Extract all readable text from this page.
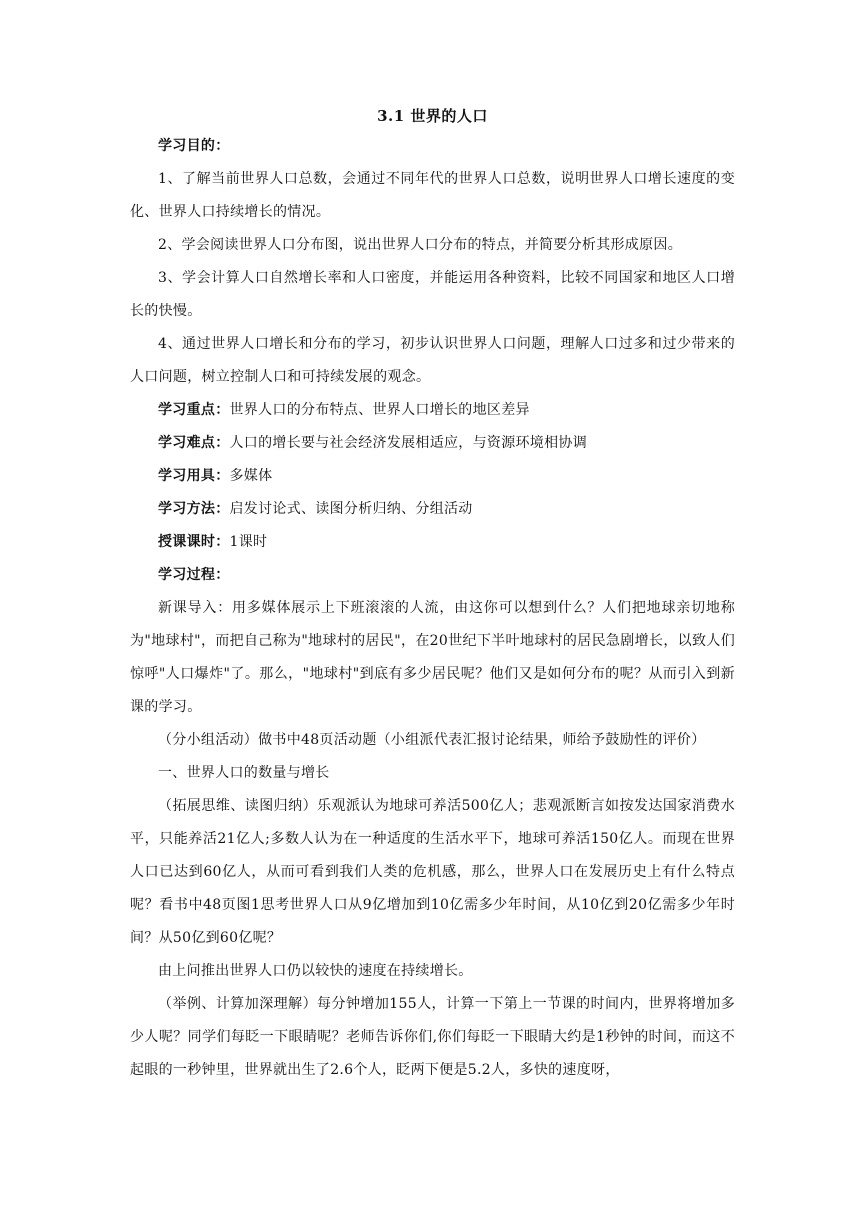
3.1 世界的人口

学习目的：

1、了解当前世界人口总数，会通过不同年代的世界人口总数，说明世界人口增长速度的变化、世界人口持续增长的情况。

2、学会阅读世界人口分布图，说出世界人口分布的特点，并简要分析其形成原因。

3、学会计算人口自然增长率和人口密度，并能运用各种资料，比较不同国家和地区人口增长的快慢。

4、通过世界人口增长和分布的学习，初步认识世界人口问题，理解人口过多和过少带来的人口问题，树立控制人口和可持续发展的观念。

学习重点：世界人口的分布特点、世界人口增长的地区差异

学习难点：人口的增长要与社会经济发展相适应，与资源环境相协调

学习用具：多媒体

学习方法：启发讨论式、读图分析归纳、分组活动

授课课时：1课时

学习过程：

新课导入：用多媒体展示上下班滚滚的人流，由这你可以想到什么？人们把地球亲切地称为"地球村"，而把自己称为"地球村的居民"，在20世纪下半叶地球村的居民急剧增长，以致人们惊呼"人口爆炸"了。那么，"地球村"到底有多少居民呢？他们又是如何分布的呢？从而引入到新课的学习。

（分小组活动）做书中48页活动题（小组派代表汇报讨论结果，师给予鼓励性的评价）

一、世界人口的数量与增长

（拓展思维、读图归纳）乐观派认为地球可养活500亿人；悲观派断言如按发达国家消费水平，只能养活21亿人;多数人认为在一种适度的生活水平下，地球可养活150亿人。而现在世界人口已达到60亿人，从而可看到我们人类的危机感，那么，世界人口在发展历史上有什么特点呢？看书中48页图1思考世界人口从9亿增加到10亿需多少年时间，从10亿到20亿需多少年时间？从50亿到60亿呢？

由上问推出世界人口仍以较快的速度在持续增长。

（举例、计算加深理解）每分钟增加155人，计算一下第上一节课的时间内，世界将增加多少人呢？同学们每眨一下眼睛呢？老师告诉你们,你们每眨一下眼睛大约是1秒钟的时间，而这不起眼的一秒钟里，世界就出生了2.6个人，眨两下便是5.2人，多快的速度呀，
